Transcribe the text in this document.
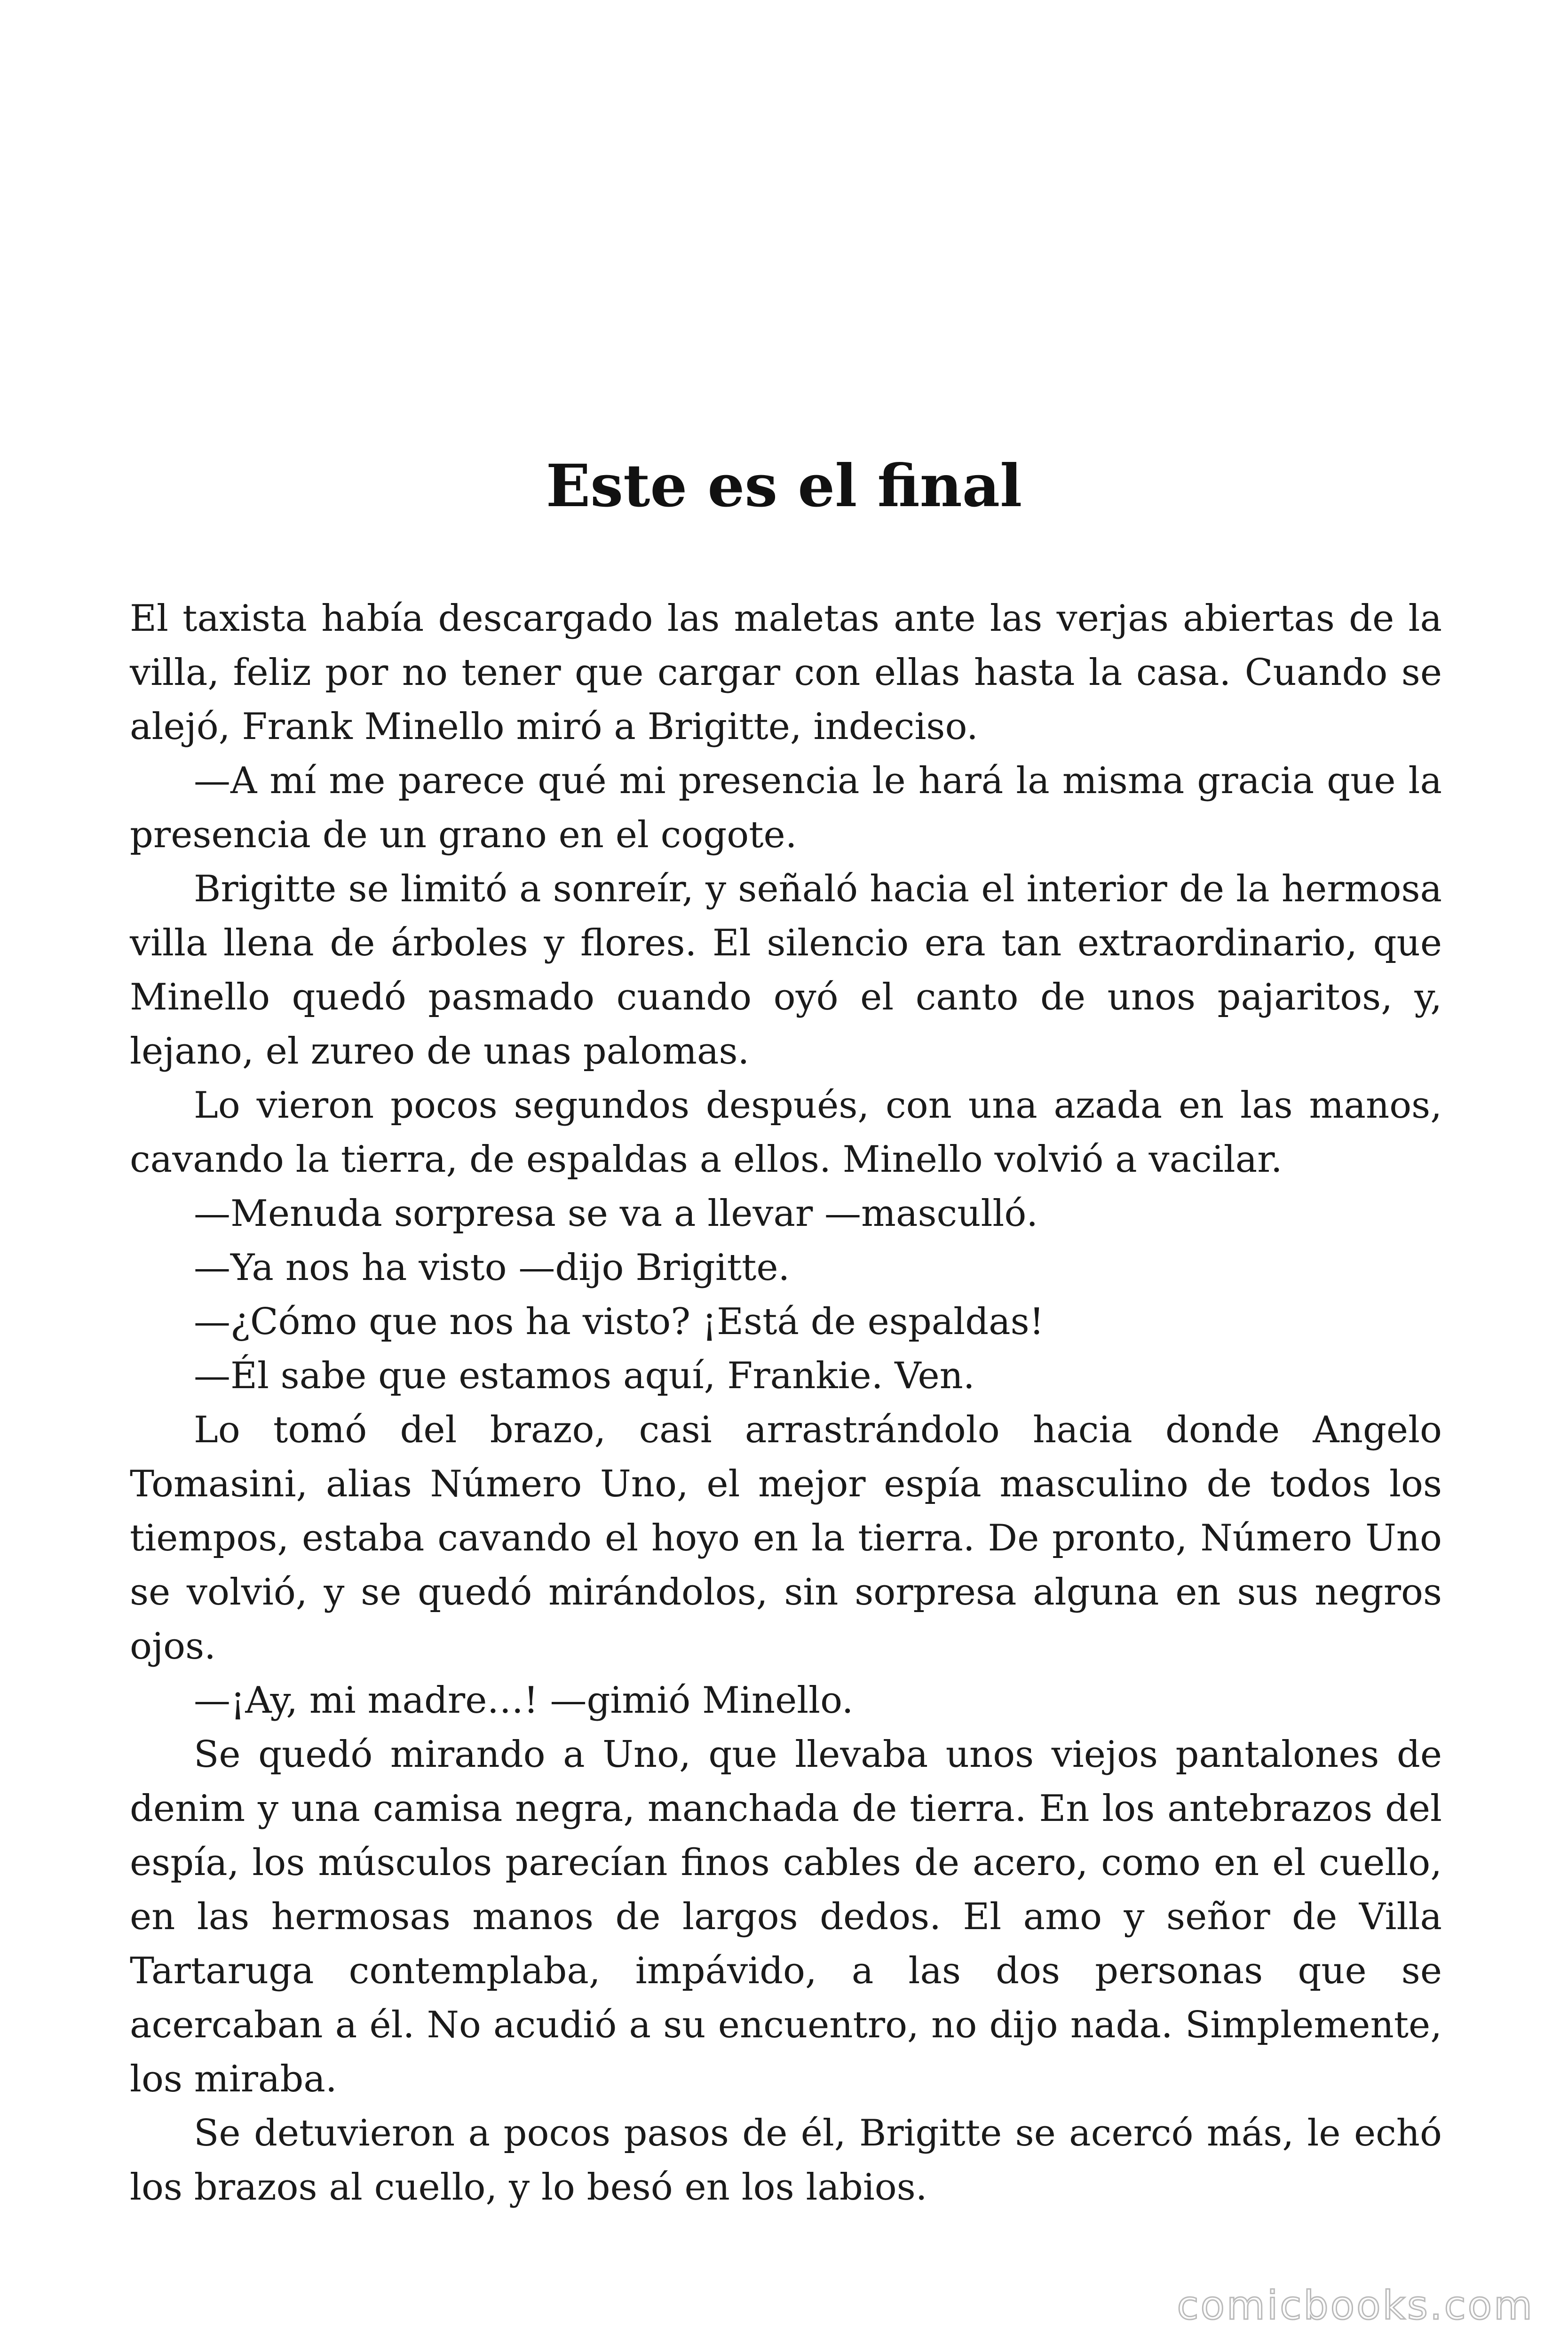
Este es el final

El taxista había descargado las maletas ante las verjas abiertas de la villa, feliz por no tener que cargar con ellas hasta la casa. Cuando se alejó, Frank Minello miró a Brigitte, indeciso.

—A mí me parece qué mi presencia le hará la misma gracia que la presencia de un grano en el cogote.

Brigitte se limitó a sonreír, y señaló hacia el interior de la hermosa villa llena de árboles y flores. El silencio era tan extraordinario, que Minello quedó pasmado cuando oyó el canto de unos pajaritos, y, lejano, el zureo de unas palomas.

Lo vieron pocos segundos después, con una azada en las manos, cavando la tierra, de espaldas a ellos. Minello volvió a vacilar.

—Menuda sorpresa se va a llevar —mascullό.

—Ya nos ha visto —dijo Brigitte.

—¿Cómo que nos ha visto? ¡Está de espaldas!

—Él sabe que estamos aquí, Frankie. Ven.

Lo tomó del brazo, casi arrastrándolo hacia donde Angelo Tomasini, alias Número Uno, el mejor espía masculino de todos los tiempos, estaba cavando el hoyo en la tierra. De pronto, Número Uno se volvió, y se quedó mirándolos, sin sorpresa alguna en sus negros ojos.

—¡Ay, mi madre…! —gimió Minello.

Se quedó mirando a Uno, que llevaba unos viejos pantalones de denim y una camisa negra, manchada de tierra. En los antebrazos del espía, los músculos parecían finos cables de acero, como en el cuello, en las hermosas manos de largos dedos. El amo y señor de Villa Tartaruga contemplaba, impávido, a las dos personas que se acercaban a él. No acudió a su encuentro, no dijo nada. Simplemente, los miraba.

Se detuvieron a pocos pasos de él, Brigitte se acercó más, le echó los brazos al cuello, y lo besó en los labios.

comicbooks.com
